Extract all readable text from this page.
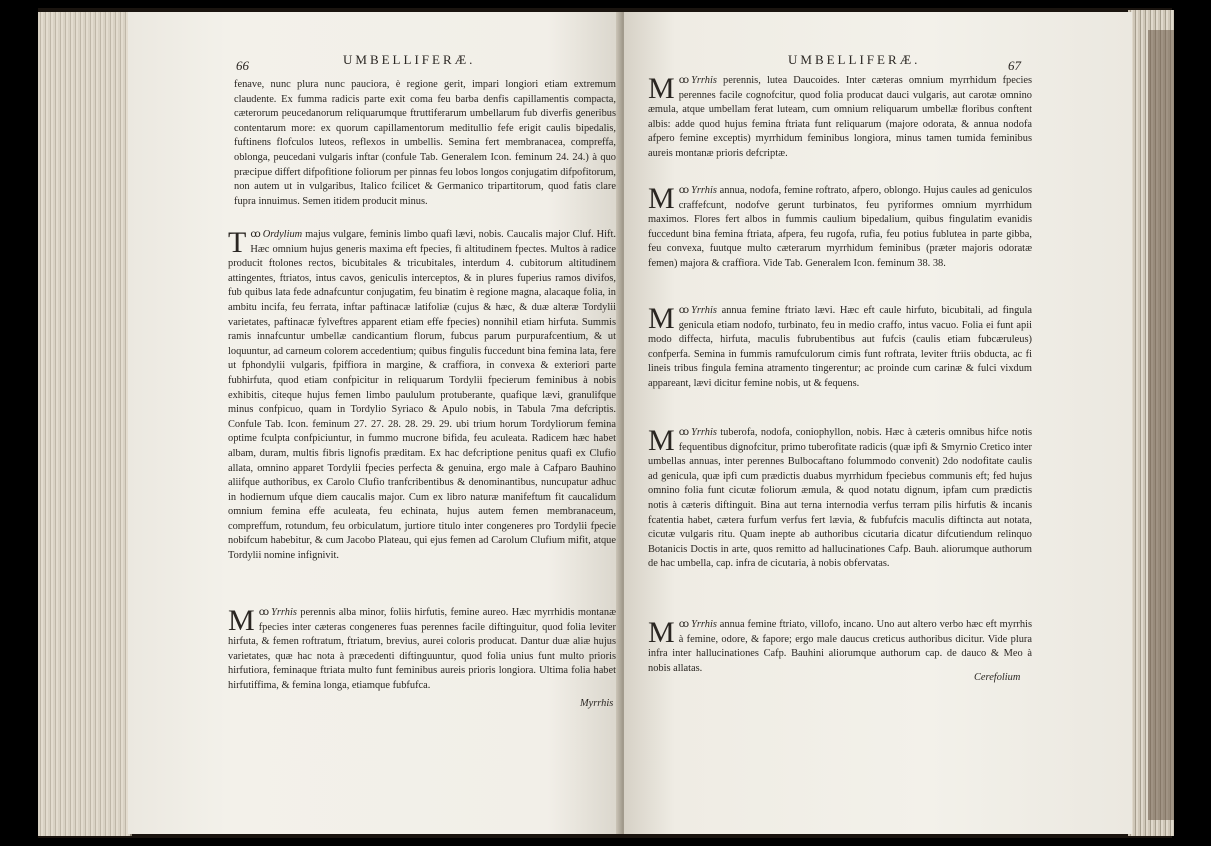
66	UMBELLIFERÆ.

fenave, nunc plura nunc pauciora, è regione gerit, impari longiori etiam extremum claudente. Ex fumma radicis parte exit coma feu barba denfis capillamentis compacta, cæterorum peucedanorum reliquarumque ftruttiferarum umbellarum fub diverfis generibus contentarum more: ex quorum capillamentorum meditullio fefe erigit caulis bipedalis, fuftinens flofculos luteos, reflexos in umbellis. Semina fert membranacea, compreffa, oblonga, peucedani vulgaris inftar (confule Tab. Generalem Icon. feminum 24. 24.) à quo præcipue differt difpofitione foliorum per pinnas feu lobos longos conjugatim difpofitorum, non autem ut in vulgaribus, Italico fcilicet & Germanico tripartitorum, quod fatis clare fupra innuimus. Semen itidem producit minus.

ꝏ
T Ordylium majus vulgare, feminis limbo quafi lævi, nobis. Caucalis major Cluf. Hift. Hæc omnium hujus generis maxima eft fpecies, fi altitudinem fpectes. Multos à radice producit ftolones rectos, bicubitales & tricubitales, interdum 4. cubitorum altitudinem attingentes, ftriatos, intus cavos, geniculis interceptos, & in plures fuperius ramos divifos, fub quibus lata fede adnafcuntur conjugatim, feu binatim è regione magna, alacaque folia, in ambitu incifa, feu ferrata, inftar paftinacæ latifoliæ (cujus & hæc, & duæ alteræ Tordylii varietates, paftinacæ fylveftres apparent etiam effe fpecies) nonnihil etiam hirfuta. Summis ramis innafcuntur umbellæ candicantium florum, fubcus parum purpurafcentium, & ut loquuntur, ad carneum colorem accedentium; quibus fingulis fuccedunt bina femina lata, fere ut fphondylii vulgaris, fpiffiora in margine, & craffiora, in convexa & exteriori parte fubhirfuta, quod etiam confpicitur in reliquarum Tordylii fpecierum feminibus à nobis exhibitis, citeque hujus femen limbo paululum protuberante, quafique lævi, granulifque minus confpicuo, quam in Tordylio Syriaco & Apulo nobis, in Tabula 7ma defcriptis. Confule Tab. Icon. feminum 27. 27. 28. 28. 29. 29. ubi trium horum Tordyliorum femina optime fculpta confpiciuntur, in fummo mucrone bifida, feu aculeata. Radicem hæc habet albam, duram, multis fibris lignofis præditam. Ex hac defcriptione penitus quafi ex Clufio allata, omnino apparet Tordylii fpecies perfecta & genuina, ergo male à Cafparo Bauhino aliifque authoribus, ex Carolo Clufio tranfcribentibus & denominantibus, nuncupatur adhuc in hodiernum ufque diem caucalis major. Cum ex libro naturæ manifeftum fit caucalidum omnium femina effe aculeata, feu echinata, hujus autem femen membranaceum, compreffum, rotundum, feu orbiculatum, jurtiore titulo inter congeneres pro Tordylii fpecie nobifcum habebitur, & cum Jacobo Plateau, qui ejus femen ad Carolum Clufium mifit, atque Tordylii nomine infignivit.

ꝏ
M Yrrhis perennis alba minor, foliis hirfutis, femine aureo. Hæc myrrhidis montanæ fpecies inter cæteras congeneres fuas perennes facile diftinguitur, quod folia leviter hirfuta, & femen roftratum, ftriatum, brevius, aurei coloris producat. Dantur duæ aliæ hujus varietates, quæ hac nota à præcedenti diftinguuntur, quod folia unius funt multo prioris hirfutiora, feminaque ftriata multo funt feminibus aureis prioris longiora. Ultima folia habet hirfutiffima, & femina longa, etiamque fubfufca.

Myrrhis
UMBELLIFERÆ.	67

ꝏ
M Yrrhis perennis, lutea Daucoides. Inter cæteras omnium myrrhidum fpecies perennes facile cognofcitur, quod folia producat dauci vulgaris, aut carotæ omnino æmula, atque umbellam ferat luteam, cum omnium reliquarum umbellæ floribus conftent albis: adde quod hujus femina ftriata funt reliquarum (majore odorata, & annua nodofa afpero femine exceptis) myrrhidum feminibus longiora, minus tamen tumida feminibus aureis montanæ prioris defcriptæ.

ꝏ
M Yrrhis annua, nodofa, femine roftrato, afpero, oblongo. Hujus caules ad geniculos craffefcunt, nodofve gerunt turbinatos, feu pyriformes omnium myrrhidum maximos. Flores fert albos in fummis caulium bipedalium, quibus fingulatim evanidis fuccedunt bina femina ftriata, afpera, feu rugofa, rufia, feu potius fublutea in parte gibba, feu convexa, fuutque multo cæterarum myrrhidum feminibus (præter majoris odoratæ femen) majora & craffiora. Vide Tab. Generalem Icon. feminum 38. 38.

ꝏ
M Yrrhis annua femine ftriato lævi. Hæc eft caule hirfuto, bicubitali, ad fingula genicula etiam nodofo, turbinato, feu in medio craffo, intus vacuo. Folia ei funt apii modo diffecta, hirfuta, maculis fubrubentibus aut fufcis (caulis etiam fubcæruleus) confperfa. Semina in fummis ramufculorum cimis funt roftrata, leviter ftriis obducta, ac fi lineis tribus fingula femina atramento tingerentur; ac proinde cum carinæ & fulci vixdum appareant, lævi dicitur femine nobis, ut & fequens.

ꝏ
M Yrrhis tuberofa, nodofa, coniophyllon, nobis. Hæc à cæteris omnibus hifce notis fequentibus dignofcitur, primo tuberofitate radicis (quæ ipfi & Smyrnio Cretico inter umbellas annuas, inter perennes Bulbocaftano folummodo convenit) 2do nodofitate caulis ad genicula, quæ ipfi cum prædictis duabus myrrhidum fpeciebus communis eft; fed hujus omnino folia funt cicutæ foliorum æmula, & quod notatu dignum, ipfam cum prædictis notis à cæteris diftinguit. Bina aut terna internodia verfus terram pilis hirfutis & incanis fcatentia habet, cætera furfum verfus fert lævia, & fubfufcis maculis diftincta aut notata, cicutæ vulgaris ritu. Quam inepte ab authoribus cicutaria dicatur difcutiendum relinquo Botanicis Doctis in arte, quos remitto ad hallucinationes Cafp. Bauh. aliorumque authorum de hac umbella, cap. infra de cicutaria, à nobis obfervatas.

ꝏ
M Yrrhis annua femine ftriato, villofo, incano. Uno aut altero verbo hæc eft myrrhis à femine, odore, & fapore; ergo male daucus creticus authoribus dicitur. Vide plura infra inter hallucinationes Cafp. Bauhini aliorumque authorum cap. de dauco & Meo à nobis allatas.

Cerefolium
